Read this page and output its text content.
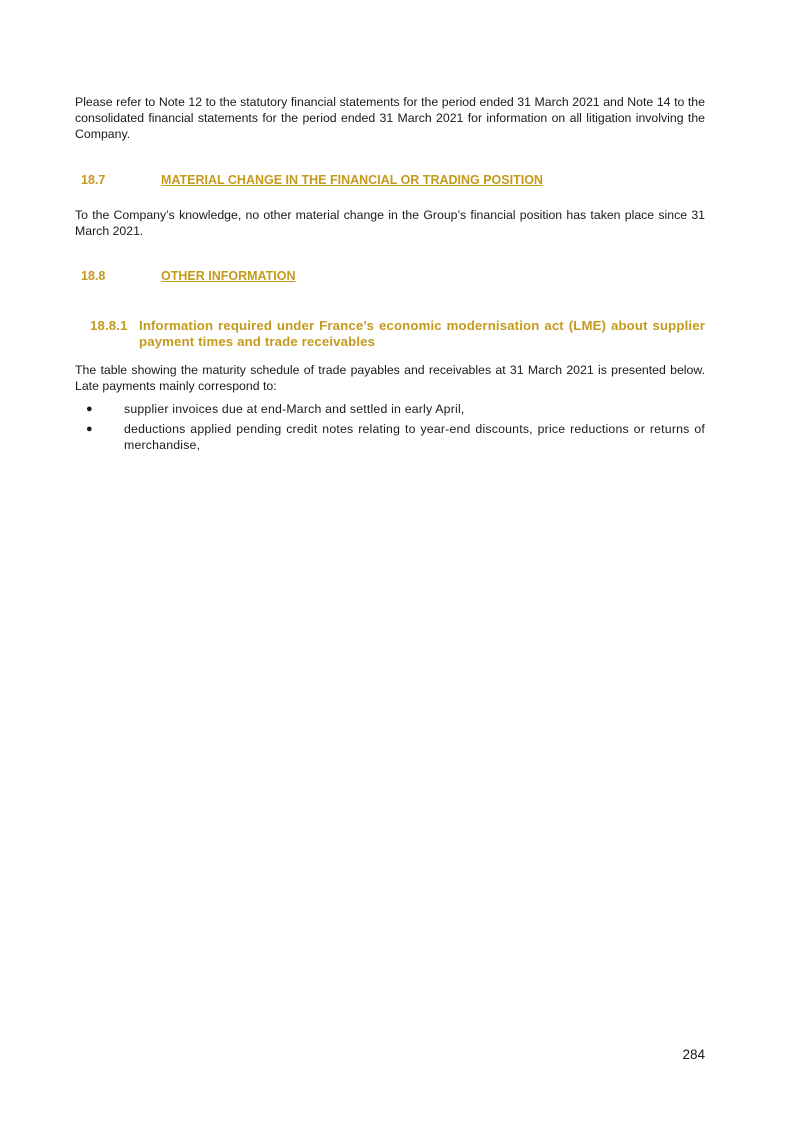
Please refer to Note 12 to the statutory financial statements for the period ended 31 March 2021 and Note 14 to the consolidated financial statements for the period ended 31 March 2021 for information on all litigation involving the Company.

18.7	MATERIAL CHANGE IN THE FINANCIAL OR TRADING POSITION

To the Company’s knowledge, no other material change in the Group’s financial position has taken place since 31 March 2021.

18.8	OTHER INFORMATION
18.8.1 Information required under France’s economic modernisation act (LME) about supplier payment times and trade receivables

The table showing the maturity schedule of trade payables and receivables at 31 March 2021 is presented below. Late payments mainly correspond to:

●	supplier invoices due at end-March and settled in early April,
●	deductions applied pending credit notes relating to year-end discounts, price reductions or returns of merchandise,
284
